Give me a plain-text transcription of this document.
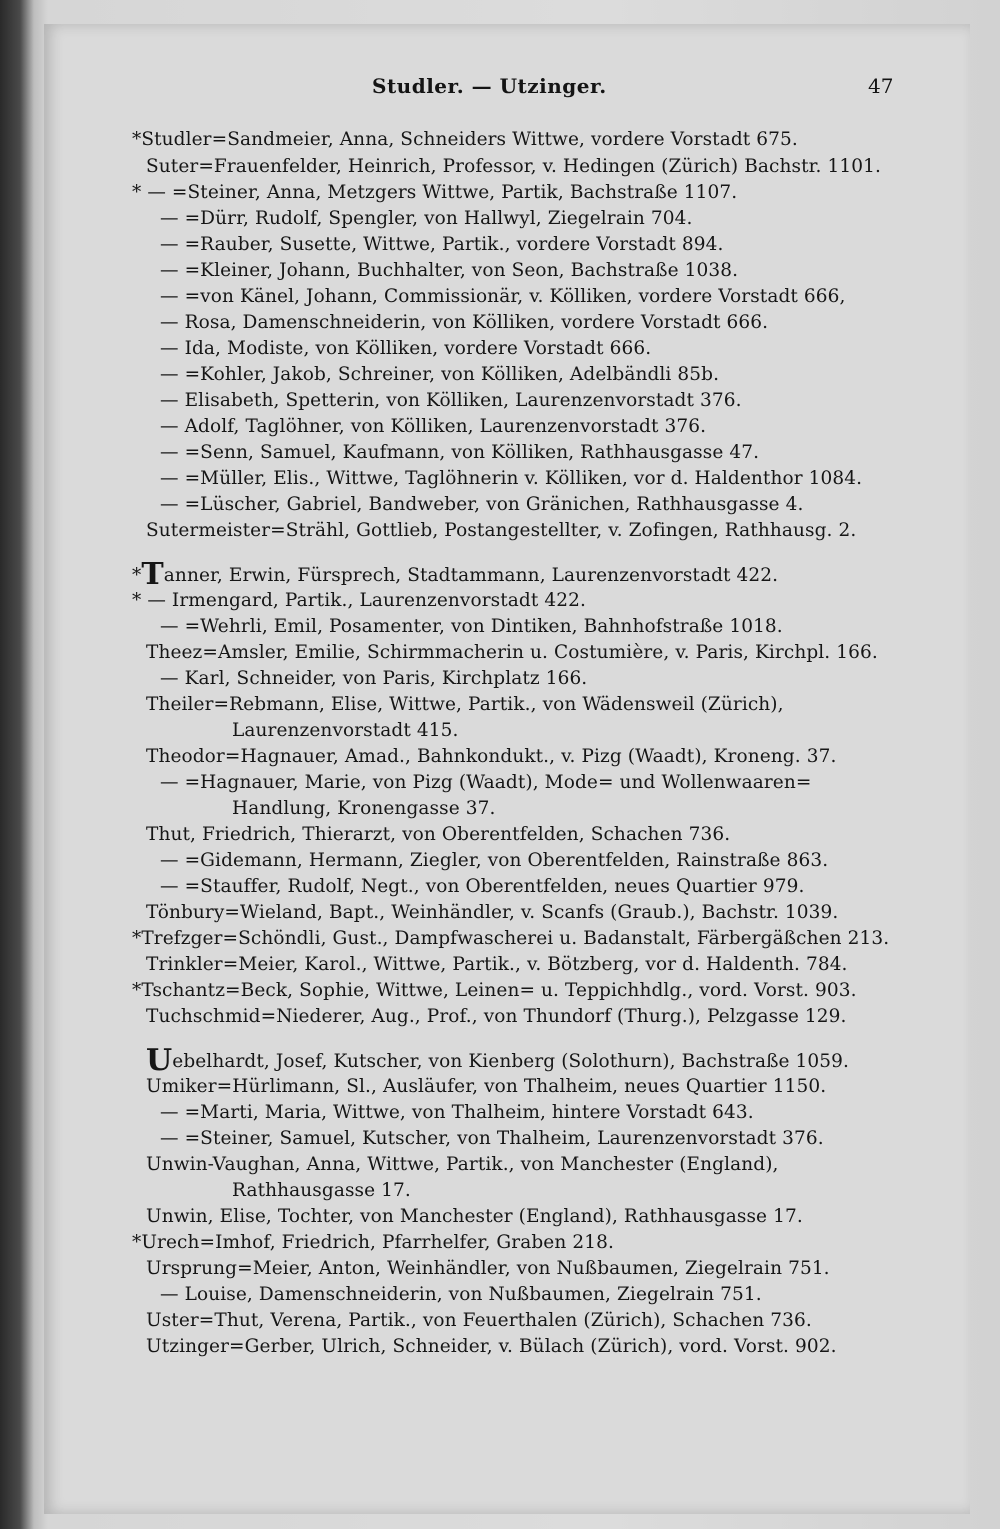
Studler. — Utzinger.	47
*Studler=Sandmeier, Anna, Schneiders Wittwe, vordere Vorstadt 675.
Suter=Frauenfelder, Heinrich, Professor, v. Hedingen (Zürich) Bachstr. 1101.
* — =Steiner, Anna, Metzgers Wittwe, Partik, Bachstraße 1107.
— =Dürr, Rudolf, Spengler, von Hallwyl, Ziegelrain 704.
— =Rauber, Susette, Wittwe, Partik., vordere Vorstadt 894.
— =Kleiner, Johann, Buchhalter, von Seon, Bachstraße 1038.
— =von Känel, Johann, Commissionär, v. Kölliken, vordere Vorstadt 666,
— Rosa, Damenschneiderin, von Kölliken, vordere Vorstadt 666.
— Ida, Modiste, von Kölliken, vordere Vorstadt 666.
— =Kohler, Jakob, Schreiner, von Kölliken, Adelbändli 85b.
— Elisabeth, Spetterin, von Kölliken, Laurenzenvorstadt 376.
— Adolf, Taglöhner, von Kölliken, Laurenzenvorstadt 376.
— =Senn, Samuel, Kaufmann, von Kölliken, Rathhausgasse 47.
— =Müller, Elis., Wittwe, Taglöhnerin v. Kölliken, vor d. Haldenthor 1084.
— =Lüscher, Gabriel, Bandweber, von Gränichen, Rathhausgasse 4.
Sutermeister=Strähl, Gottlieb, Postangestellter, v. Zofingen, Rathhausg. 2.
*Tanner, Erwin, Fürsprech, Stadtammann, Laurenzenvorstadt 422.
* — Irmengard, Partik., Laurenzenvorstadt 422.
— =Wehrli, Emil, Posamenter, von Dintiken, Bahnhofstraße 1018.
Theez=Amsler, Emilie, Schirmmacherin u. Costumière, v. Paris, Kirchpl. 166.
— Karl, Schneider, von Paris, Kirchplatz 166.
Theiler=Rebmann, Elise, Wittwe, Partik., von Wädensweil (Zürich),
Laurenzenvorstadt 415.
Theodor=Hagnauer, Amad., Bahnkondukt., v. Pizg (Waadt), Kroneng. 37.
— =Hagnauer, Marie, von Pizg (Waadt), Mode= und Wollenwaaren=
Handlung, Kronengasse 37.
Thut, Friedrich, Thierarzt, von Oberentfelden, Schachen 736.
— =Gidemann, Hermann, Ziegler, von Oberentfelden, Rainstraße 863.
— =Stauffer, Rudolf, Negt., von Oberentfelden, neues Quartier 979.
Tönbury=Wieland, Bapt., Weinhändler, v. Scanfs (Graub.), Bachstr. 1039.
*Trefzger=Schöndli, Gust., Dampfwascherei u. Badanstalt, Färbergäßchen 213.
Trinkler=Meier, Karol., Wittwe, Partik., v. Bötzberg, vor d. Haldenth. 784.
*Tschantz=Beck, Sophie, Wittwe, Leinen= u. Teppichhdlg., vord. Vorst. 903.
Tuchschmid=Niederer, Aug., Prof., von Thundorf (Thurg.), Pelzgasse 129.
Uebelhardt, Josef, Kutscher, von Kienberg (Solothurn), Bachstraße 1059.
Umiker=Hürlimann, Sl., Ausläufer, von Thalheim, neues Quartier 1150.
— =Marti, Maria, Wittwe, von Thalheim, hintere Vorstadt 643.
— =Steiner, Samuel, Kutscher, von Thalheim, Laurenzenvorstadt 376.
Unwin-Vaughan, Anna, Wittwe, Partik., von Manchester (England),
Rathhausgasse 17.
Unwin, Elise, Tochter, von Manchester (England), Rathhausgasse 17.
*Urech=Imhof, Friedrich, Pfarrhelfer, Graben 218.
Ursprung=Meier, Anton, Weinhändler, von Nußbaumen, Ziegelrain 751.
— Louise, Damenschneiderin, von Nußbaumen, Ziegelrain 751.
Uster=Thut, Verena, Partik., von Feuerthalen (Zürich), Schachen 736.
Utzinger=Gerber, Ulrich, Schneider, v. Bülach (Zürich), vord. Vorst. 902.
